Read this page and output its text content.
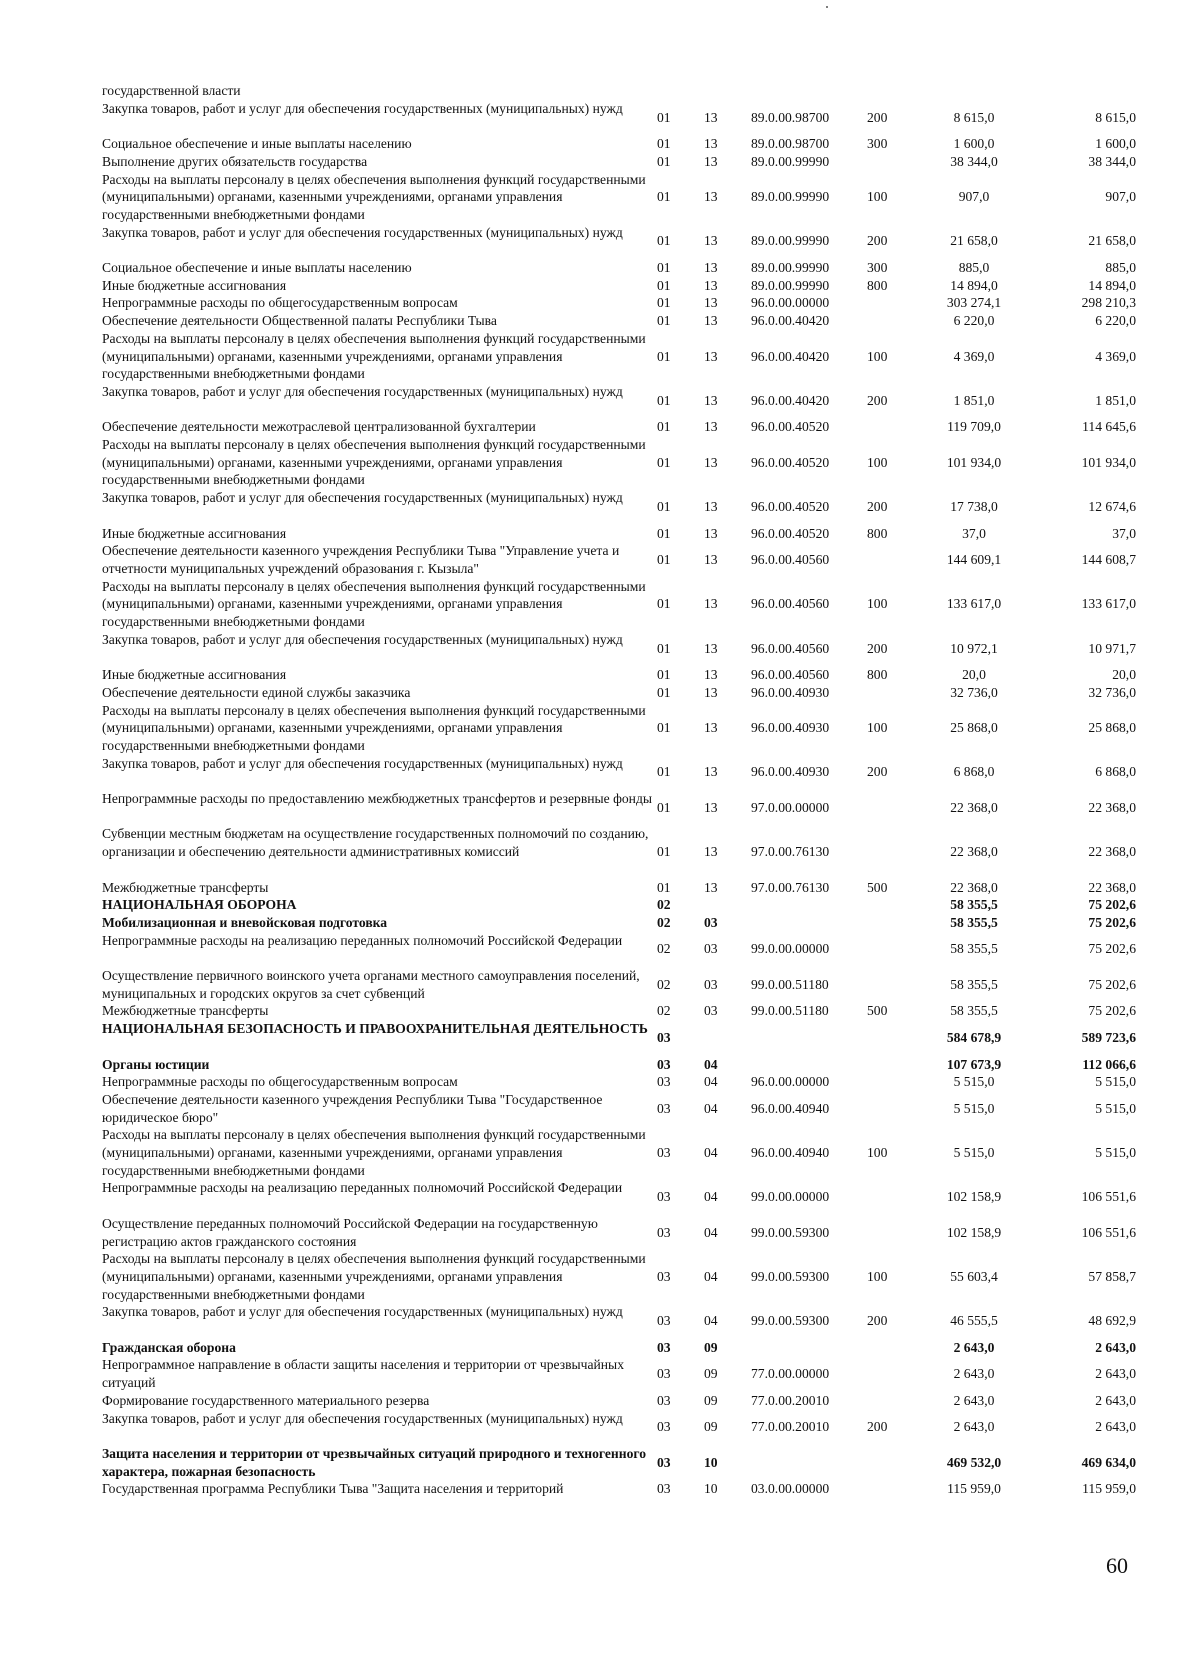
государственной власти						
Закупка товаров, работ и услуг для обеспечения государственных (муниципальных) нужд	01	13	89.0.00.98700	200	8 615,0	8 615,0
Социальное обеспечение и иные выплаты населению	01	13	89.0.00.98700	300	1 600,0	1 600,0
Выполнение других обязательств государства	01	13	89.0.00.99990		38 344,0	38 344,0
Расходы на выплаты персоналу в целях обеспечения выполнения функций государственными (муниципальными) органами, казенными учреждениями, органами управления государственными внебюджетными фондами	01	13	89.0.00.99990	100	907,0	907,0
Закупка товаров, работ и услуг для обеспечения государственных (муниципальных) нужд	01	13	89.0.00.99990	200	21 658,0	21 658,0
Социальное обеспечение и иные выплаты населению	01	13	89.0.00.99990	300	885,0	885,0
Иные бюджетные ассигнования	01	13	89.0.00.99990	800	14 894,0	14 894,0
Непрограммные расходы по общегосударственным вопросам	01	13	96.0.00.00000		303 274,1	298 210,3
Обеспечение деятельности Общественной палаты Республики Тыва	01	13	96.0.00.40420		6 220,0	6 220,0
Расходы на выплаты персоналу в целях обеспечения выполнения функций государственными (муниципальными) органами, казенными учреждениями, органами управления государственными внебюджетными фондами	01	13	96.0.00.40420	100	4 369,0	4 369,0
Закупка товаров, работ и услуг для обеспечения государственных (муниципальных) нужд	01	13	96.0.00.40420	200	1 851,0	1 851,0
Обеспечение деятельности межотраслевой централизованной бухгалтерии	01	13	96.0.00.40520		119 709,0	114 645,6
Расходы на выплаты персоналу в целях обеспечения выполнения функций государственными (муниципальными) органами, казенными учреждениями, органами управления государственными внебюджетными фондами	01	13	96.0.00.40520	100	101 934,0	101 934,0
Закупка товаров, работ и услуг для обеспечения государственных (муниципальных) нужд	01	13	96.0.00.40520	200	17 738,0	12 674,6
Иные бюджетные ассигнования	01	13	96.0.00.40520	800	37,0	37,0
Обеспечение деятельности казенного учреждения Республики Тыва "Управление учета и отчетности муниципальных учреждений образования г. Кызыла"	01	13	96.0.00.40560		144 609,1	144 608,7
Расходы на выплаты персоналу в целях обеспечения выполнения функций государственными (муниципальными) органами, казенными учреждениями, органами управления государственными внебюджетными фондами	01	13	96.0.00.40560	100	133 617,0	133 617,0
Закупка товаров, работ и услуг для обеспечения государственных (муниципальных) нужд	01	13	96.0.00.40560	200	10 972,1	10 971,7
Иные бюджетные ассигнования	01	13	96.0.00.40560	800	20,0	20,0
Обеспечение деятельности единой службы заказчика	01	13	96.0.00.40930		32 736,0	32 736,0
Расходы на выплаты персоналу в целях обеспечения выполнения функций государственными (муниципальными) органами, казенными учреждениями, органами управления государственными внебюджетными фондами	01	13	96.0.00.40930	100	25 868,0	25 868,0
Закупка товаров, работ и услуг для обеспечения государственных (муниципальных) нужд	01	13	96.0.00.40930	200	6 868,0	6 868,0
Непрограммные расходы по предоставлению межбюджетных трансфертов и резервные фонды	01	13	97.0.00.00000		22 368,0	22 368,0
Субвенции местным бюджетам на осуществление государственных полномочий по созданию, организации и обеспечению деятельности административных комиссий	01	13	97.0.00.76130		22 368,0	22 368,0
Межбюджетные трансферты	01	13	97.0.00.76130	500	22 368,0	22 368,0
НАЦИОНАЛЬНАЯ ОБОРОНА	02				58 355,5	75 202,6
Мобилизационная и вневойсковая подготовка	02	03			58 355,5	75 202,6
Непрограммные расходы на реализацию переданных полномочий Российской Федерации	02	03	99.0.00.00000		58 355,5	75 202,6
Осуществление первичного воинского учета органами местного самоуправления поселений, муниципальных и городских округов за счет субвенций	02	03	99.0.00.51180		58 355,5	75 202,6
Межбюджетные трансферты	02	03	99.0.00.51180	500	58 355,5	75 202,6
НАЦИОНАЛЬНАЯ БЕЗОПАСНОСТЬ И ПРАВООХРАНИТЕЛЬНАЯ ДЕЯТЕЛЬНОСТЬ	03				584 678,9	589 723,6
Органы юстиции	03	04			107 673,9	112 066,6
Непрограммные расходы по общегосударственным вопросам	03	04	96.0.00.00000		5 515,0	5 515,0
Обеспечение деятельности казенного учреждения Республики Тыва "Государственное юридическое бюро"	03	04	96.0.00.40940		5 515,0	5 515,0
Расходы на выплаты персоналу в целях обеспечения выполнения функций государственными (муниципальными) органами, казенными учреждениями, органами управления государственными внебюджетными фондами	03	04	96.0.00.40940	100	5 515,0	5 515,0
Непрограммные расходы на реализацию переданных полномочий Российской Федерации	03	04	99.0.00.00000		102 158,9	106 551,6
Осуществление переданных полномочий Российской Федерации на государственную регистрацию актов гражданского состояния	03	04	99.0.00.59300		102 158,9	106 551,6
Расходы на выплаты персоналу в целях обеспечения выполнения функций государственными (муниципальными) органами, казенными учреждениями, органами управления государственными внебюджетными фондами	03	04	99.0.00.59300	100	55 603,4	57 858,7
Закупка товаров, работ и услуг для обеспечения государственных (муниципальных) нужд	03	04	99.0.00.59300	200	46 555,5	48 692,9
Гражданская оборона	03	09			2 643,0	2 643,0
Непрограммное направление в области защиты населения и территории от чрезвычайных ситуаций	03	09	77.0.00.00000		2 643,0	2 643,0
Формирование государственного материального резерва	03	09	77.0.00.20010		2 643,0	2 643,0
Закупка товаров, работ и услуг для обеспечения государственных (муниципальных) нужд	03	09	77.0.00.20010	200	2 643,0	2 643,0
Защита населения и территории от чрезвычайных ситуаций природного и техногенного характера, пожарная безопасность	03	10			469 532,0	469 634,0
Государственная программа Республики Тыва "Защита населения и территорий	03	10	03.0.00.00000		115 959,0	115 959,0
60
